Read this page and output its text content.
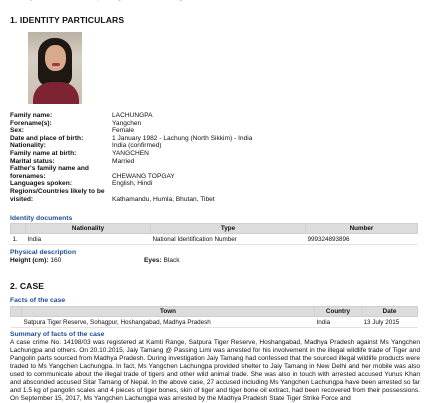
1. IDENTITY PARTICULARS
Family name:	LACHUNGPA
Forename(s):	Yangchen
Sex:	Female
Date and place of birth:	1 January 1982 - Lachung (North Sikkim) - India
Nationality:	India (confirmed)
Family name at birth:	YANGCHEN
Marital status:	Married
Father's family name and forenames:	CHEWANG TOPGAY
Languages spoken:	English, Hindi
Regions/Countries likely to be visited:	Kathamandu, Humla, Bhutan, Tibet
Identity documents
	Nationality	Type	Number
1.	India	National Identification Number	999324893896
Physical description
Height (cm): 160	Eyes: Black
2. CASE
Facts of the case
	Town	Country	Date
	Satpura Tiger Reserve, Sohagpur, Hoshangabad, Madhya Pradesh	India	13 July 2015
Summary of facts of the case
A case crime No. 14198/03 was registered at Kamti Range, Satpura Tiger Reserve, Hoshangabad, Madhya Pradesh against Ms Yangchen Lachungpa and others. On 20.10.2015, Jaiy Tamang @ Passing Limi was arrested for his involvement in the illegal wildlife trade of Tiger and Pangolin parts sourced from Madhya Pradesh. During investigation Jaiy Tamang had confessed that the sourced illegal wildlife products were traded to Ms Yangchen Lachungpa. In fact, Ms Yangchen Lachungpa provided shelter to Jaiy Tamang in New Delhi and her mobile was also used to communicate about the illegal trade of tigers and other wild animal trade. She was also in touch with arrested accused Yunus Khan and absconded accused Sitar Tamang of Nepal. In the above case, 27 accused including Ms Yangchen Lachungpa have been arrested so far and 1.5 kg of pangolin scales and 4 pieces of tiger bones, skin of tiger and tiger bone oil extract, had been recovered from their possessions. On September 15, 2017, Ms Yangchen Lachungpa was arrested by the Madhya Pradesh State Tiger Strike Force and
